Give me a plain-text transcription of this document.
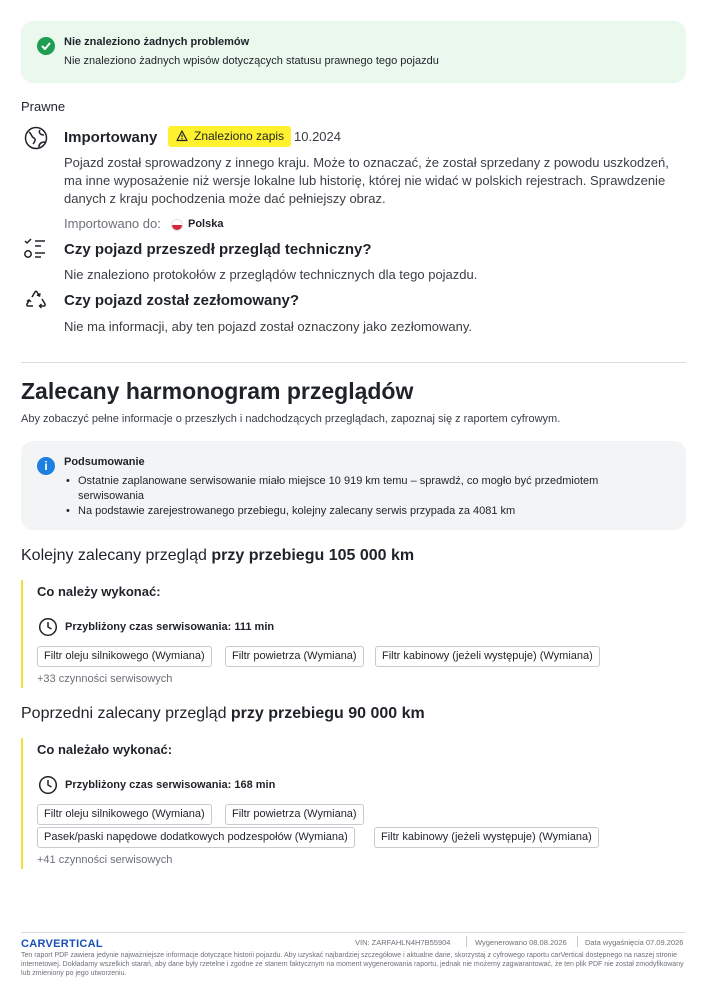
Nie znaleziono żadnych problemów
Nie znaleziono żadnych wpisów dotyczących statusu prawnego tego pojazdu
Prawne
Importowany	Znaleziono zapis 10.2024
Pojazd został sprowadzony z innego kraju. Może to oznaczać, że został sprzedany z powodu uszkodzeń, ma inne wyposażenie niż wersje lokalne lub historię, której nie widać w polskich rejestrach. Sprawdzenie danych z kraju pochodzenia może dać pełniejszy obraz.
Importowano do: Polska
Czy pojazd przeszedł przegląd techniczny?
Nie znaleziono protokołów z przeglądów technicznych dla tego pojazdu.
Czy pojazd został zezłomowany?
Nie ma informacji, aby ten pojazd został oznaczony jako zezłomowany.
Zalecany harmonogram przeglądów
Aby zobaczyć pełne informacje o przeszłych i nadchodzących przeglądach, zapoznaj się z raportem cyfrowym.
i	Podsumowanie
• Ostatnie zaplanowane serwisowanie miało miejsce 10 919 km temu – sprawdź, co mogło być przedmiotem serwisowania
• Na podstawie zarejestrowanego przebiegu, kolejny zalecany serwis przypada za 4081 km
Kolejny zalecany przegląd przy przebiegu 105 000 km
Co należy wykonać:
Przybliżony czas serwisowania: 111 min
Filtr oleju silnikowego (Wymiana)	Filtr powietrza (Wymiana)	Filtr kabinowy (jeżeli występuje) (Wymiana)
+33 czynności serwisowych
Poprzedni zalecany przegląd przy przebiegu 90 000 km
Co należało wykonać:
Przybliżony czas serwisowania: 168 min
Filtr oleju silnikowego (Wymiana)	Filtr powietrza (Wymiana)
Pasek/paski napędowe dodatkowych podzespołów (Wymiana)	Filtr kabinowy (jeżeli występuje) (Wymiana)
+41 czynności serwisowych
CARVERTICAL	VIN: ZARFAHLN4H7B55904	Wygenerowano 08.08.2026 Data wygaśnięcia 07.09.2026
Ten raport PDF zawiera jedynie najważniejsze informacje dotyczące historii pojazdu. Aby uzyskać najbardziej szczegółowe i aktualne dane, skorzystaj z cyfrowego raportu carVertical dostępnego na naszej stronie internetowej. Dokładamy wszelkich starań, aby dane były rzetelne i zgodne ze stanem faktycznym na moment wygenerowania raportu, jednak nie możemy zagwarantować, że ten plik PDF nie został zmodyfikowany lub zmieniony po jego utworzeniu.
